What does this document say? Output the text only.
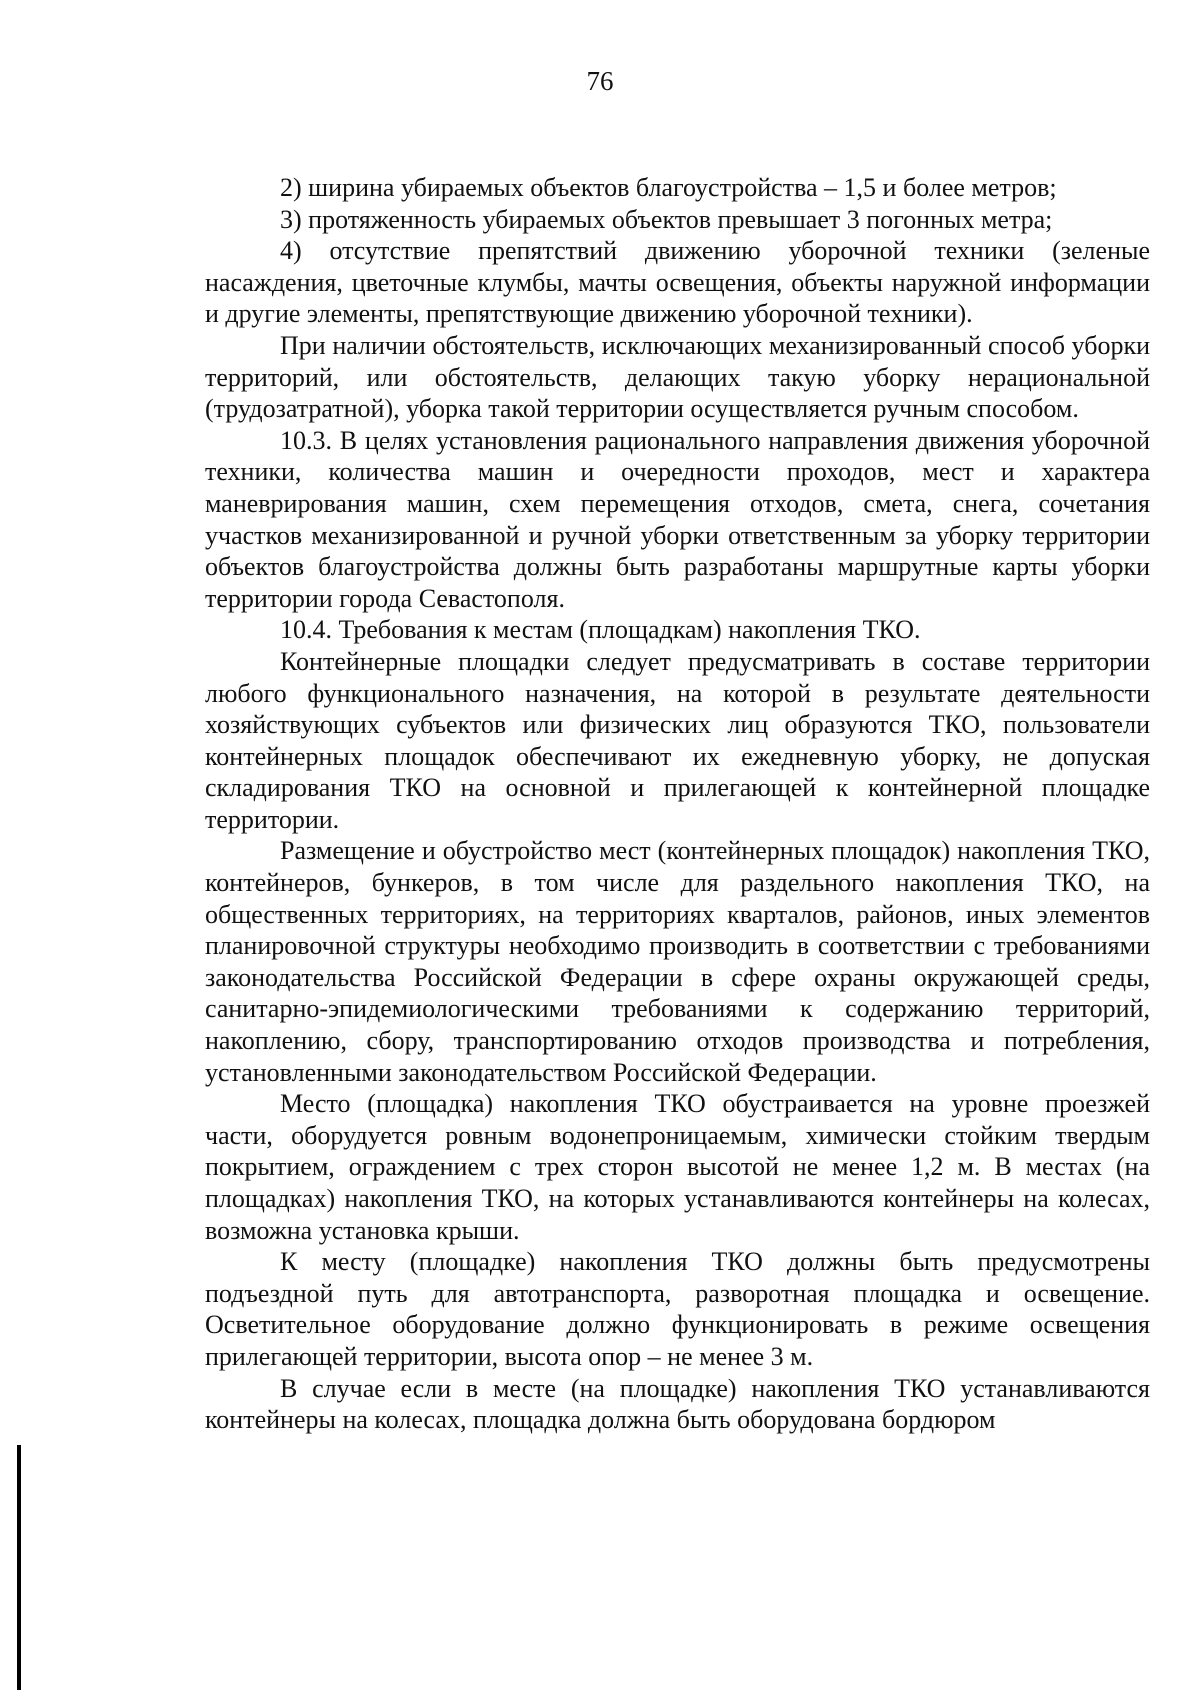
76

2) ширина убираемых объектов благоустройства – 1,5 и более метров;

3) протяженность убираемых объектов превышает 3 погонных метра;

4) отсутствие препятствий движению уборочной техники (зеленые насаждения, цветочные клумбы, мачты освещения, объекты наружной информации и другие элементы, препятствующие движению уборочной техники).

При наличии обстоятельств, исключающих механизированный способ уборки территорий, или обстоятельств, делающих такую уборку нерациональной (трудозатратной), уборка такой территории осуществляется ручным способом.

10.3. В целях установления рационального направления движения уборочной техники, количества машин и очередности проходов, мест и характера маневрирования машин, схем перемещения отходов, смета, снега, сочетания участков механизированной и ручной уборки ответственным за уборку территории объектов благоустройства должны быть разработаны маршрутные карты уборки территории города Севастополя.

10.4. Требования к местам (площадкам) накопления ТКО.

Контейнерные площадки следует предусматривать в составе территории любого функционального назначения, на которой в результате деятельности хозяйствующих субъектов или физических лиц образуются ТКО, пользователи контейнерных площадок обеспечивают их ежедневную уборку, не допуская складирования ТКО на основной и прилегающей к контейнерной площадке территории.

Размещение и обустройство мест (контейнерных площадок) накопления ТКО, контейнеров, бункеров, в том числе для раздельного накопления ТКО, на общественных территориях, на территориях кварталов, районов, иных элементов планировочной структуры необходимо производить в соответствии с требованиями законодательства Российской Федерации в сфере охраны окружающей среды, санитарно-эпидемиологическими требованиями к содержанию территорий, накоплению, сбору, транспортированию отходов производства и потребления, установленными законодательством Российской Федерации.

Место (площадка) накопления ТКО обустраивается на уровне проезжей части, оборудуется ровным водонепроницаемым, химически стойким твердым покрытием, ограждением с трех сторон высотой не менее 1,2 м. В местах (на площадках) накопления ТКО, на которых устанавливаются контейнеры на колесах, возможна установка крыши.

К месту (площадке) накопления ТКО должны быть предусмотрены подъездной путь для автотранспорта, разворотная площадка и освещение. Осветительное оборудование должно функционировать в режиме освещения прилегающей территории, высота опор – не менее 3 м.

В случае если в месте (на площадке) накопления ТКО устанавливаются контейнеры на колесах, площадка должна быть оборудована бордюром
